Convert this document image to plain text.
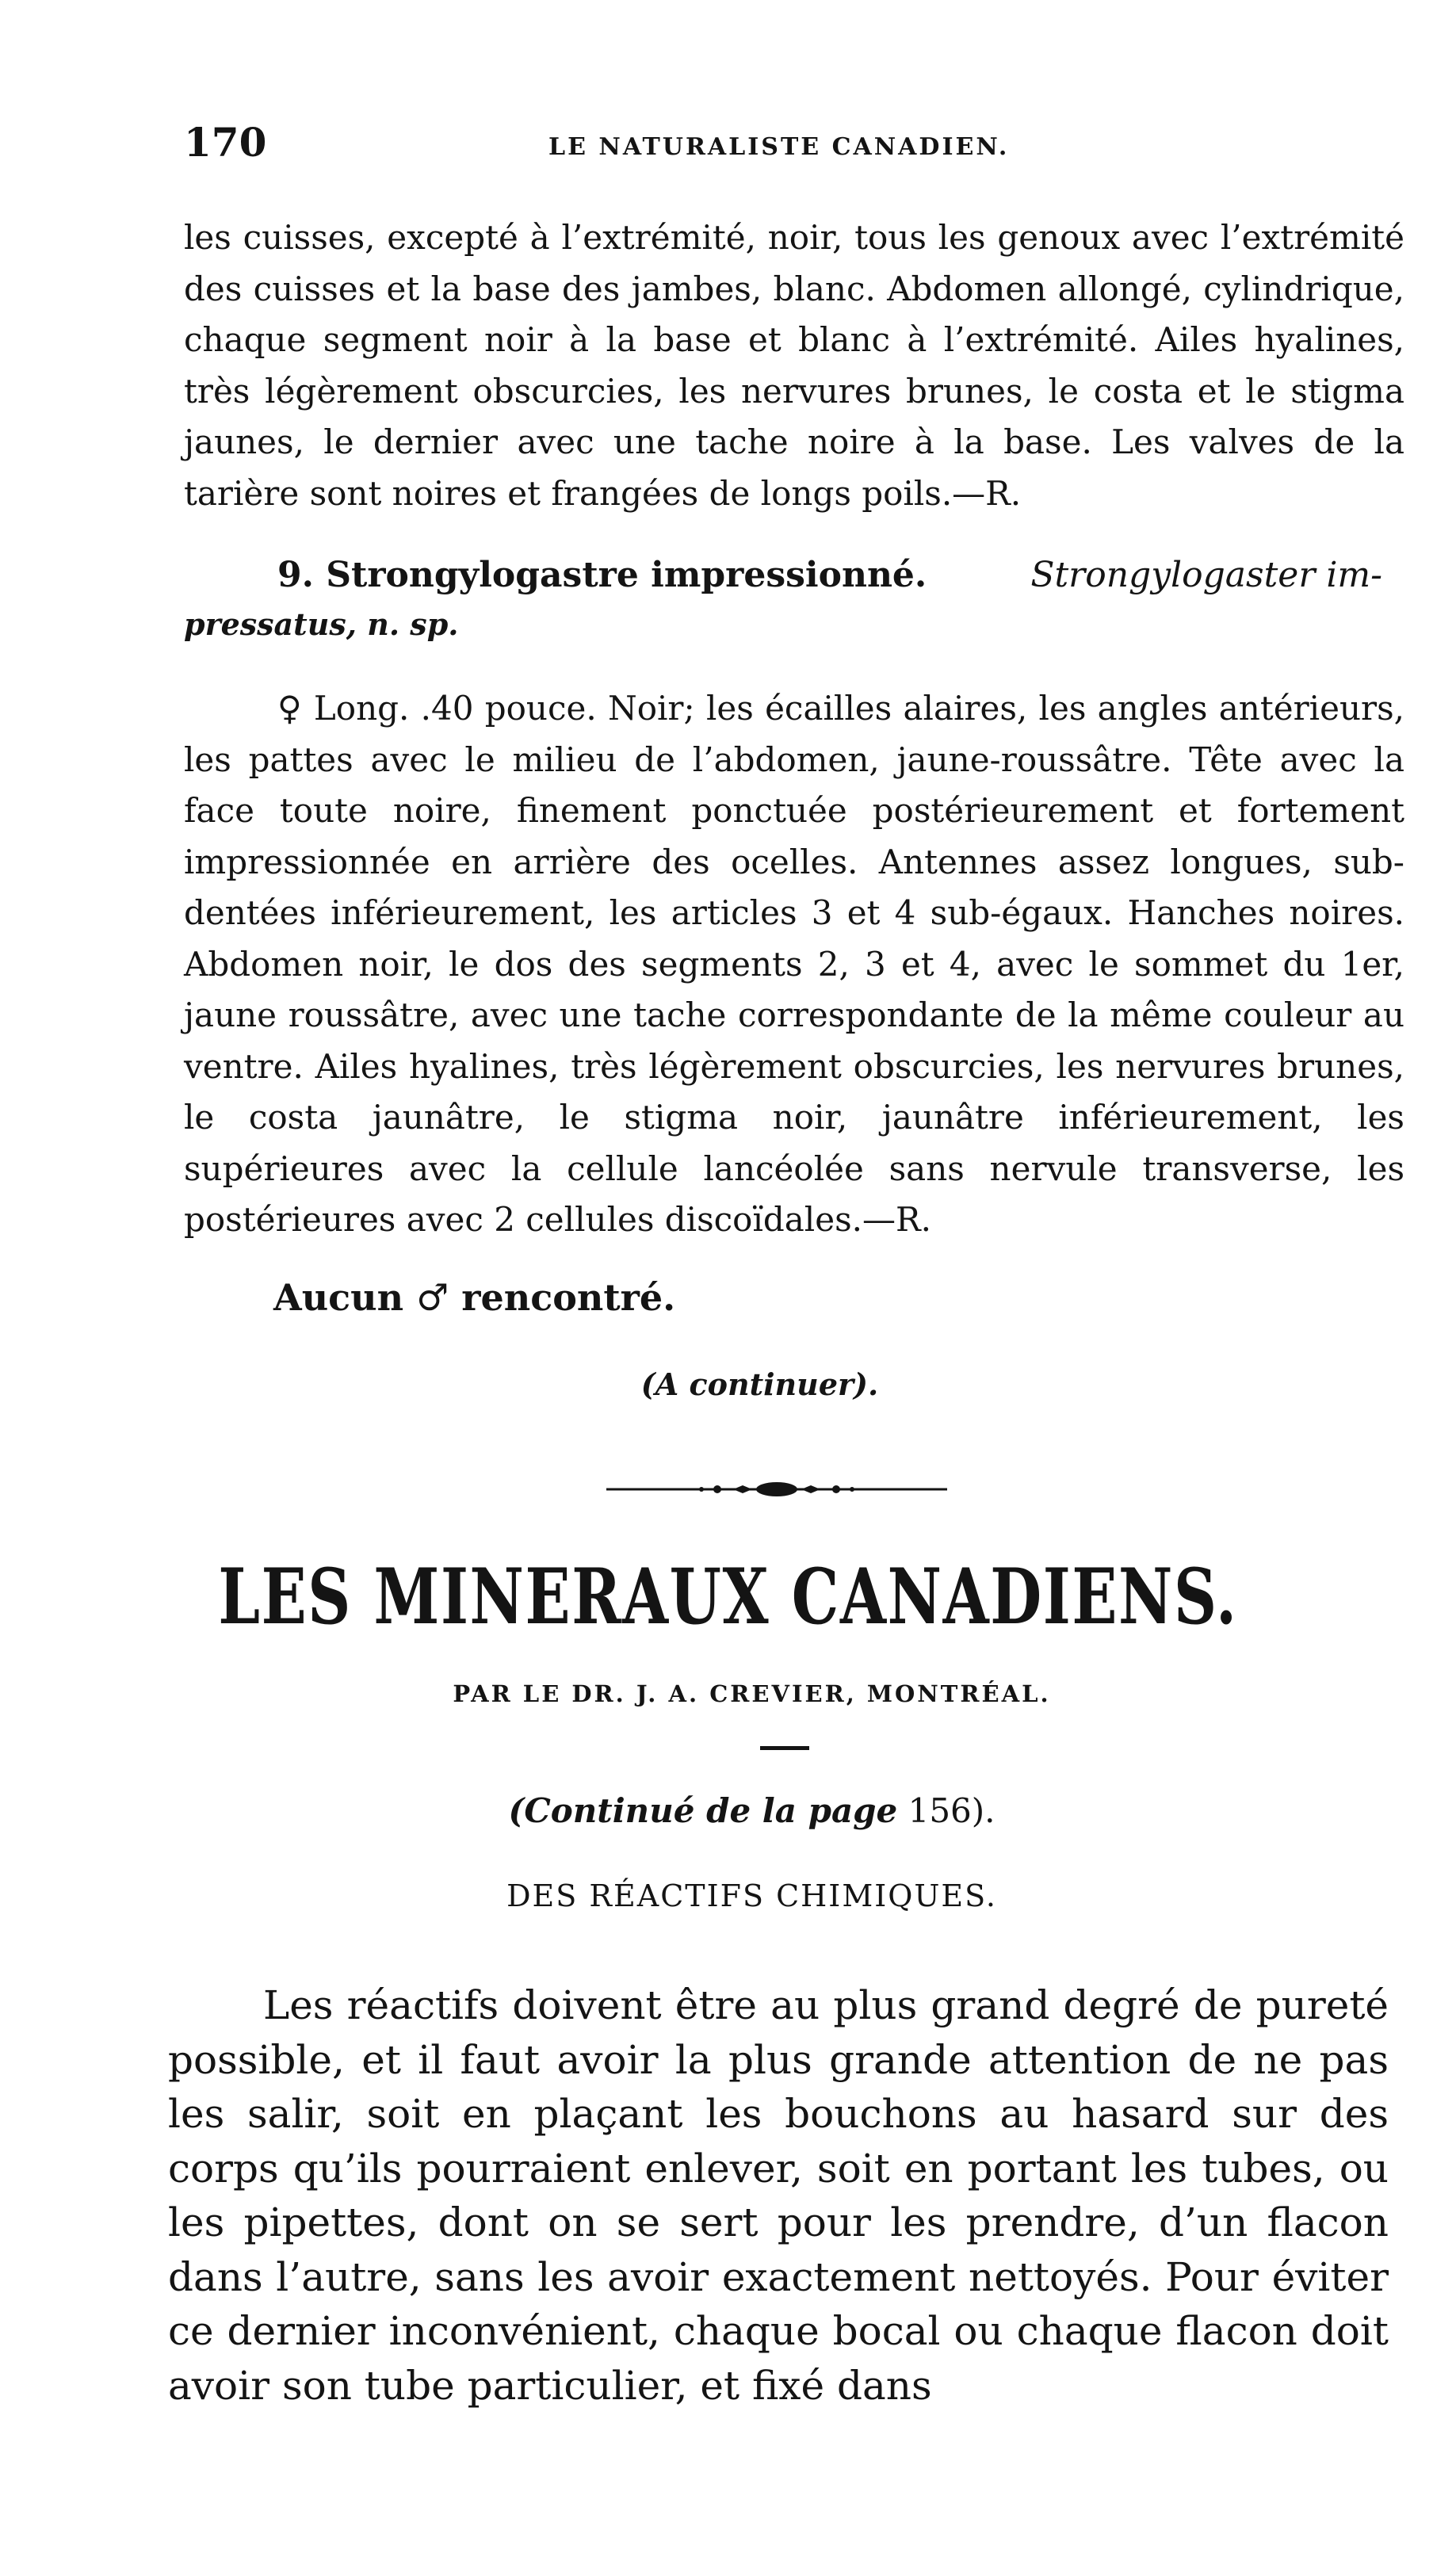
170	LE NATURALISTE CANADIEN.

les cuisses, excepté à l’extrémité, noir, tous les genoux avec l’extrémité des cuisses et la base des jambes, blanc. Abdomen allongé, cylindrique, chaque segment noir à la base et blanc à l’extrémité. Ailes hyalines, très légèrement obscurcies, les nervures brunes, le costa et le stigma jaunes, le dernier avec une tache noire à la base. Les valves de la tarière sont noires et frangées de longs poils.—R.

9. Strongylogastre impressionné.	Strongylogaster im-
pressatus, n. sp.

♀ Long. .40 pouce. Noir; les écailles alaires, les angles antérieurs, les pattes avec le milieu de l’abdomen, jaune-roussâtre. Tête avec la face toute noire, finement ponctuée postérieurement et fortement impressionnée en arrière des ocelles. Antennes assez longues, sub-dentées inférieurement, les articles 3 et 4 sub-égaux. Hanches noires. Abdomen noir, le dos des segments 2, 3 et 4, avec le sommet du 1er, jaune roussâtre, avec une tache correspondante de la même couleur au ventre. Ailes hyalines, très légèrement obscurcies, les nervures brunes, le costa jaunâtre, le stigma noir, jaunâtre inférieurement, les supérieures avec la cellule lancéolée sans nervule transverse, les postérieures avec 2 cellules discoïdales.—R.

Aucun ♂ rencontré.
(A continuer).
LES MINERAUX CANADIENS.
PAR LE DR. J. A. CREVIER, MONTRÉAL.
(Continué de la page 156).
DES RÉACTIFS CHIMIQUES.

Les réactifs doivent être au plus grand degré de pureté possible, et il faut avoir la plus grande attention de ne pas les salir, soit en plaçant les bouchons au hasard sur des corps qu’ils pourraient enlever, soit en portant les tubes, ou les pipettes, dont on se sert pour les prendre, d’un flacon dans l’autre, sans les avoir exactement nettoyés. Pour éviter ce dernier inconvénient, chaque bocal ou chaque flacon doit avoir son tube particulier, et fixé dans
